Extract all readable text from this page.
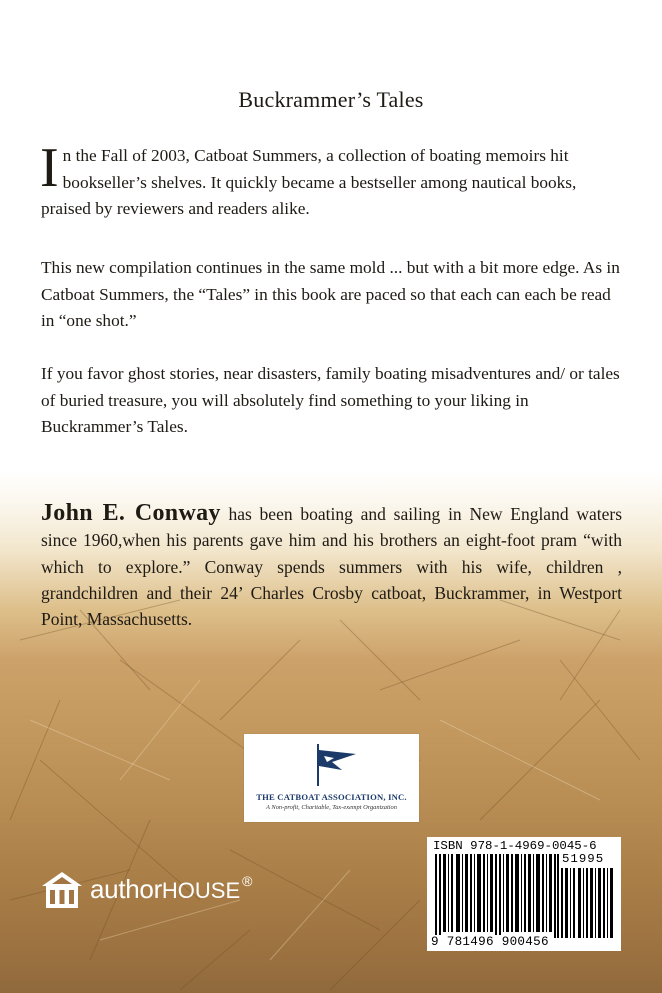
Buckrammer’s Tales

In the Fall of 2003, Catboat Summers, a collection of boating memoirs hit bookseller’s shelves. It quickly became a bestseller among nautical books, praised by reviewers and readers alike.

This new compilation continues in the same mold ... but with a bit more edge. As in Catboat Summers, the “Tales” in this book are paced so that each can each be read in “one shot.”

If you favor ghost stories, near disasters, family boating misadventures and/ or tales of buried treasure, you will absolutely find something to your liking in Buckrammer’s Tales.

John E. Conway has been boating and sailing in New England waters since 1960,when his parents gave him and his brothers an eight-foot pram “with which to explore.” Conway spends summers with his wife, children , grandchildren and their 24’ Charles Crosby catboat, Buckrammer, in Westport Point, Massachusetts.

THE CATBOAT ASSOCIATION, INC.
A Non-profit, Charitable, Tax-exempt Organization
authorHOUSE ®
ISBN 978-1-4969-0045-6
51995
9 781496 900456
